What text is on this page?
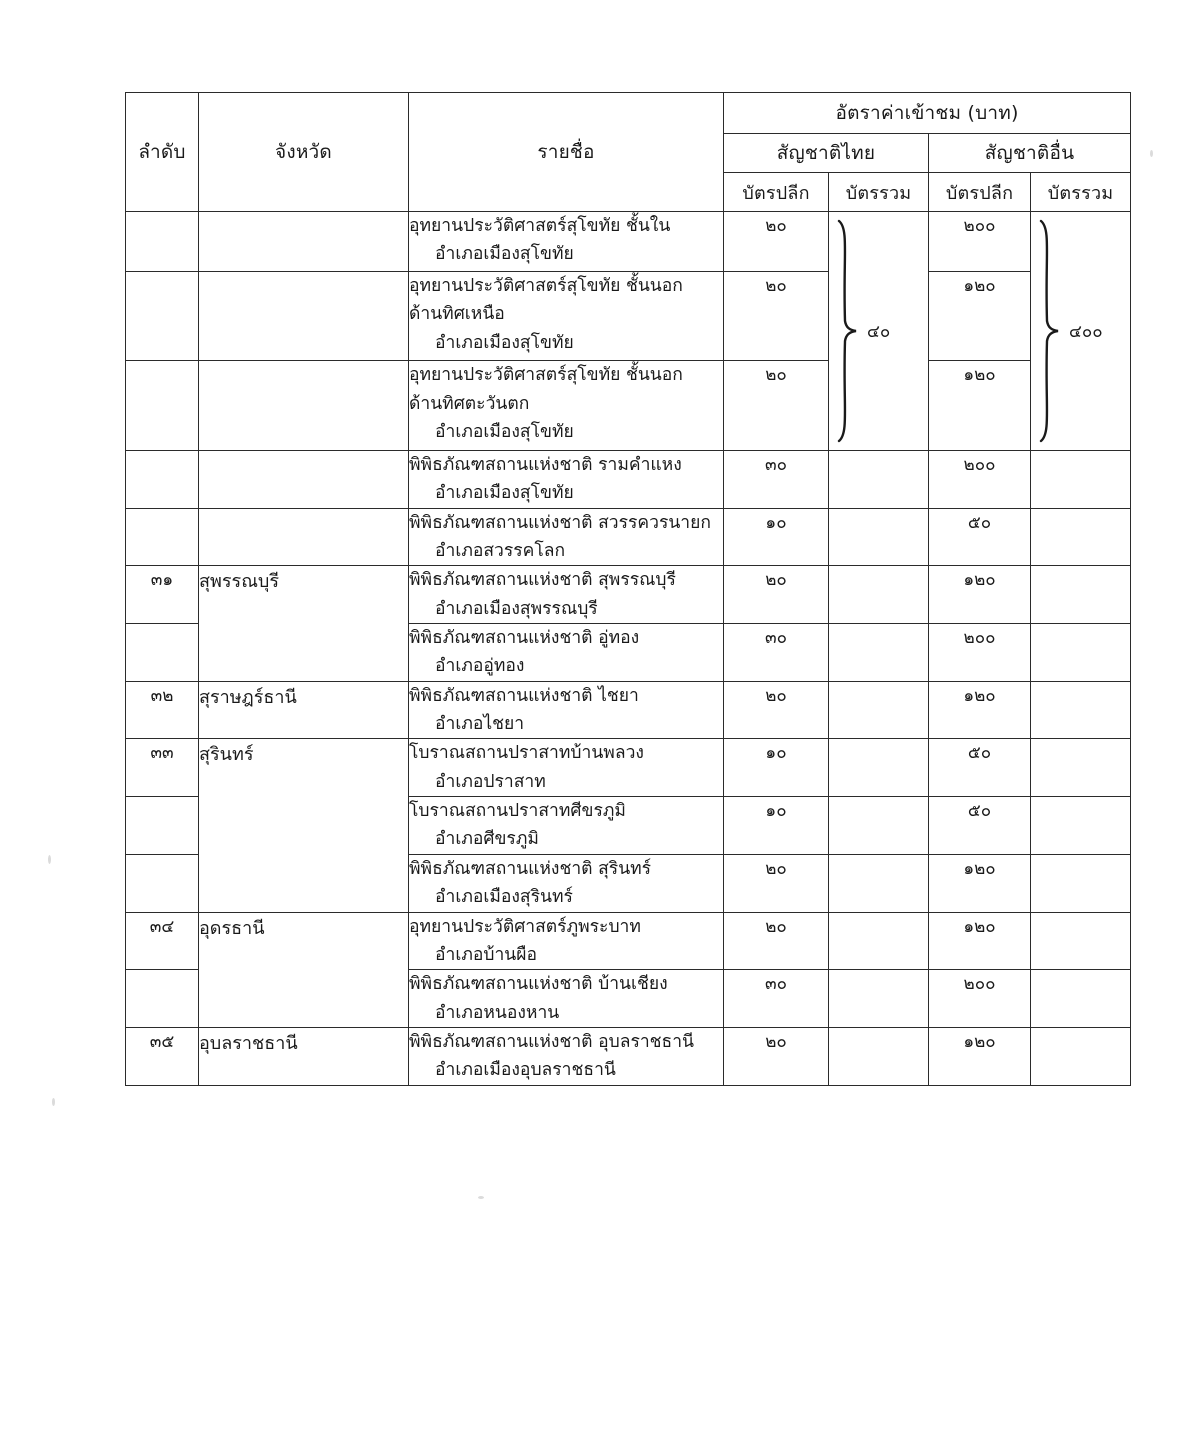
ลำดับ	จังหวัด	รายชื่อ	อัตราค่าเข้าชม (บาท)			
			สัญชาติไทย		สัญชาติอื่น	
			บัตรปลีก	บัตรรวม	บัตรปลีก	บัตรรวม

		อุทยานประวัติศาสตร์สุโขทัย ชั้นใน
อำเภอเมืองสุโขทัย	๒๐	๔๐	๒๐๐	๔๐๐

		อุทยานประวัติศาสตร์สุโขทัย ชั้นนอก
ด้านทิศเหนือ
อำเภอเมืองสุโขทัย	๒๐		๑๒๐	

		อุทยานประวัติศาสตร์สุโขทัย ชั้นนอก
ด้านทิศตะวันตก
อำเภอเมืองสุโขทัย	๒๐		๑๒๐	

		พิพิธภัณฑสถานแห่งชาติ รามคำแหง
อำเภอเมืองสุโขทัย	๓๐		๒๐๐	

		พิพิธภัณฑสถานแห่งชาติ สวรรควรนายก
อำเภอสวรรคโลก	๑๐		๕๐	
๓๑	สุพรรณบุรี	พิพิธภัณฑสถานแห่งชาติ สุพรรณบุรี
อำเภอเมืองสุพรรณบุรี	๒๐		๑๒๐	

		พิพิธภัณฑสถานแห่งชาติ อู่ทอง
อำเภออู่ทอง	๓๐		๒๐๐	
๓๒	สุราษฎร์ธานี	พิพิธภัณฑสถานแห่งชาติ ไชยา
อำเภอไชยา	๒๐		๑๒๐	
๓๓	สุรินทร์	โบราณสถานปราสาทบ้านพลวง
อำเภอปราสาท	๑๐		๕๐	

		โบราณสถานปราสาทศีขรภูมิ
อำเภอศีขรภูมิ	๑๐		๕๐	

		พิพิธภัณฑสถานแห่งชาติ สุรินทร์
อำเภอเมืองสุรินทร์	๒๐		๑๒๐	
๓๔	อุดรธานี	อุทยานประวัติศาสตร์ภูพระบาท
อำเภอบ้านผือ	๒๐		๑๒๐	

		พิพิธภัณฑสถานแห่งชาติ บ้านเชียง
อำเภอหนองหาน	๓๐		๒๐๐	
๓๕	อุบลราชธานี	พิพิธภัณฑสถานแห่งชาติ อุบลราชธานี
อำเภอเมืองอุบลราชธานี	๒๐		๑๒๐	
